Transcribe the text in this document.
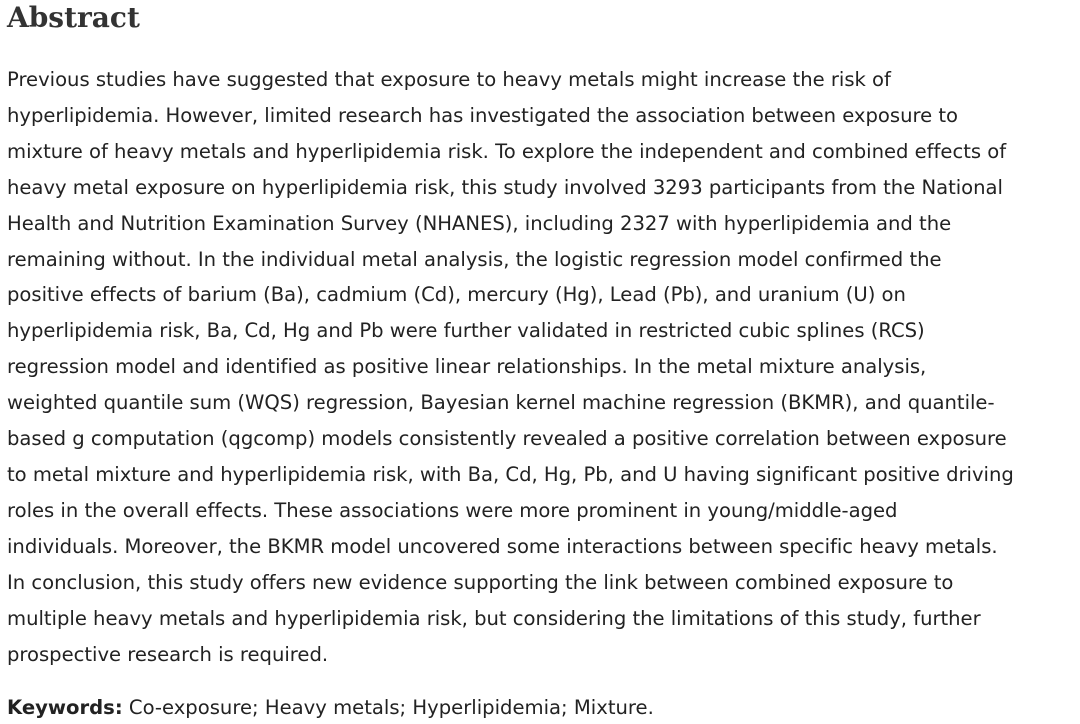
Abstract

Previous studies have suggested that exposure to heavy metals might increase the risk of
hyperlipidemia. However, limited research has investigated the association between exposure to
mixture of heavy metals and hyperlipidemia risk. To explore the independent and combined effects of
heavy metal exposure on hyperlipidemia risk, this study involved 3293 participants from the National
Health and Nutrition Examination Survey (NHANES), including 2327 with hyperlipidemia and the
remaining without. In the individual metal analysis, the logistic regression model confirmed the
positive effects of barium (Ba), cadmium (Cd), mercury (Hg), Lead (Pb), and uranium (U) on
hyperlipidemia risk, Ba, Cd, Hg and Pb were further validated in restricted cubic splines (RCS)
regression model and identified as positive linear relationships. In the metal mixture analysis,
weighted quantile sum (WQS) regression, Bayesian kernel machine regression (BKMR), and quantile-
based g computation (qgcomp) models consistently revealed a positive correlation between exposure
to metal mixture and hyperlipidemia risk, with Ba, Cd, Hg, Pb, and U having significant positive driving
roles in the overall effects. These associations were more prominent in young/middle-aged
individuals. Moreover, the BKMR model uncovered some interactions between specific heavy metals.
In conclusion, this study offers new evidence supporting the link between combined exposure to
multiple heavy metals and hyperlipidemia risk, but considering the limitations of this study, further
prospective research is required.

Keywords: Co-exposure; Heavy metals; Hyperlipidemia; Mixture.
